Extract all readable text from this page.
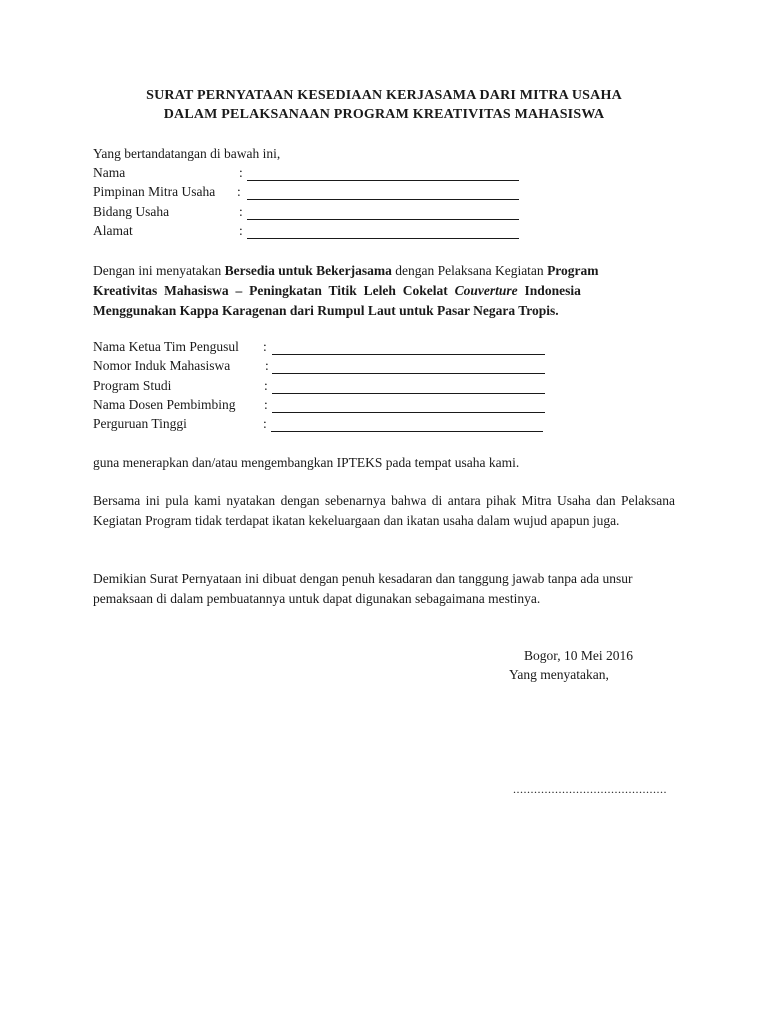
SURAT PERNYATAAN KESEDIAAN KERJASAMA DARI MITRA USAHA
DALAM PELAKSANAAN PROGRAM KREATIVITAS MAHASISWA
Yang bertandatangan di bawah ini,
Nama	:
Pimpinan Mitra Usaha :
Bidang Usaha	:
Alamat	:
Dengan ini menyatakan Bersedia untuk Bekerjasama dengan Pelaksana Kegiatan Program
Kreativitas Mahasiswa – Peningkatan Titik Leleh Cokelat Couverture Indonesia
Menggunakan Kappa Karagenan dari Rumpul Laut untuk Pasar Negara Tropis.
Nama Ketua Tim Pengusul :
Nomor Induk Mahasiswa	:
Program Studi	:
Nama Dosen Pembimbing :
Perguruan Tinggi	:
guna menerapkan dan/atau mengembangkan IPTEKS pada tempat usaha kami.
Bersama ini pula kami nyatakan dengan sebenarnya bahwa di antara pihak Mitra Usaha dan Pelaksana Kegiatan Program tidak terdapat ikatan kekeluargaan dan ikatan usaha dalam wujud apapun juga.
Demikian Surat Pernyataan ini dibuat dengan penuh kesadaran dan tanggung jawab tanpa ada unsur pemaksaan di dalam pembuatannya untuk dapat digunakan sebagaimana mestinya.
Bogor, 10 Mei 2016
Yang menyatakan,
............................................
